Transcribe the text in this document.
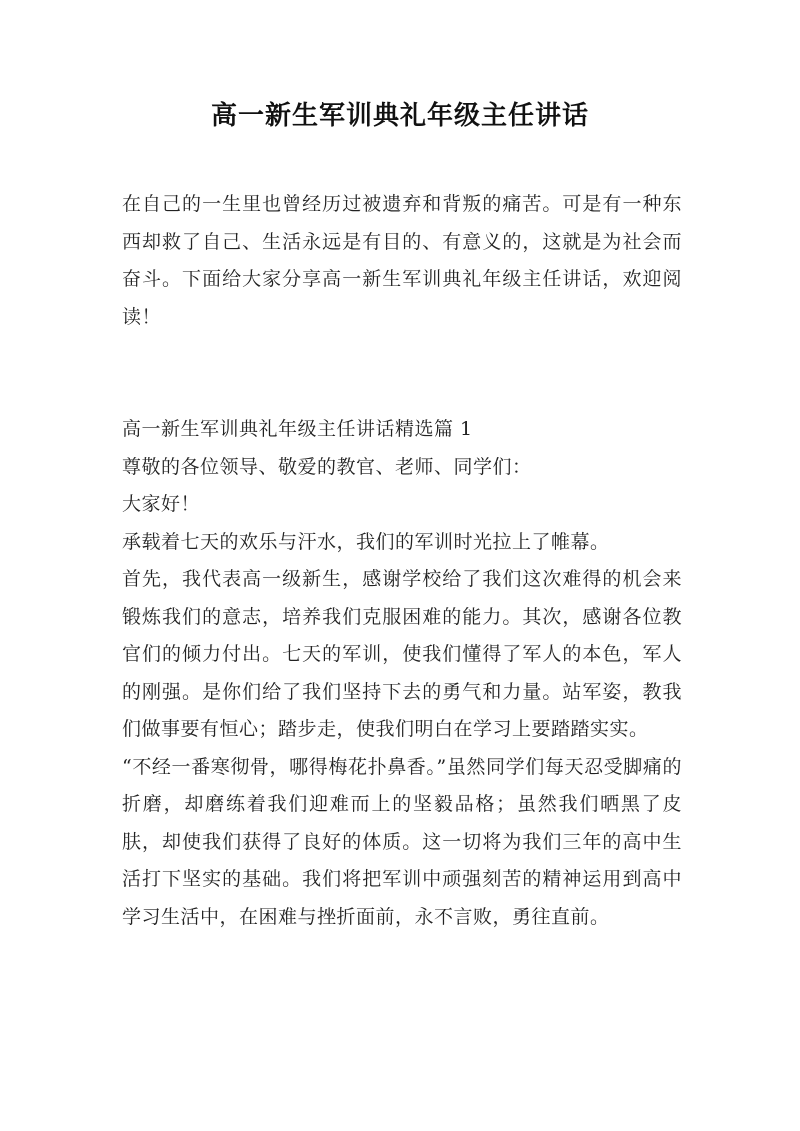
高一新生军训典礼年级主任讲话

在自己的一生里也曾经历过被遗弃和背叛的痛苦。可是有一种东西却救了自己、生活永远是有目的、有意义的，这就是为社会而奋斗。下面给大家分享高一新生军训典礼年级主任讲话，欢迎阅读！

高一新生军训典礼年级主任讲话精选篇 1

尊敬的各位领导、敬爱的教官、老师、同学们：

大家好！

承载着七天的欢乐与汗水，我们的军训时光拉上了帷幕。

首先，我代表高一级新生，感谢学校给了我们这次难得的机会来锻炼我们的意志，培养我们克服困难的能力。其次，感谢各位教官们的倾力付出。七天的军训，使我们懂得了军人的本色，军人的刚强。是你们给了我们坚持下去的勇气和力量。站军姿，教我们做事要有恒心；踏步走，使我们明白在学习上要踏踏实实。

“不经一番寒彻骨，哪得梅花扑鼻香。”虽然同学们每天忍受脚痛的折磨，却磨练着我们迎难而上的坚毅品格；虽然我们晒黑了皮肤，却使我们获得了良好的体质。这一切将为我们三年的高中生活打下坚实的基础。我们将把军训中顽强刻苦的精神运用到高中学习生活中，在困难与挫折面前，永不言败，勇往直前。
